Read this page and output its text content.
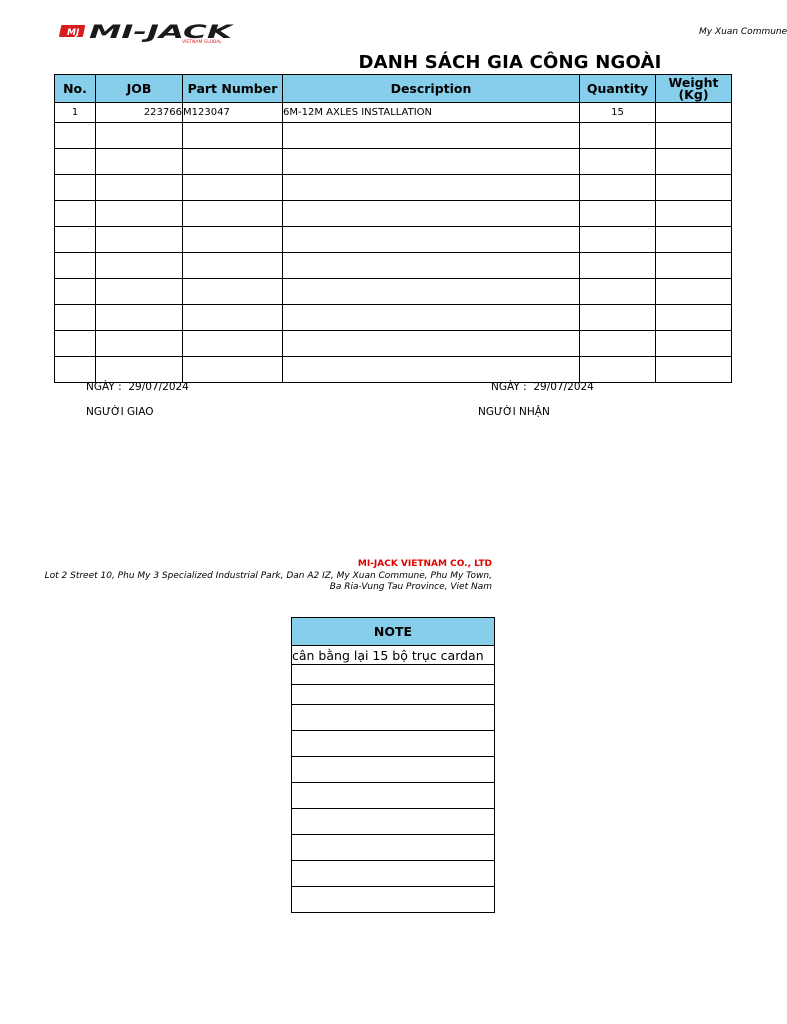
MJ MI-JACK
VIETNAM GLOBAL
My Xuan Commune
DANH SÁCH GIA CÔNG NGOÀI
No.	JOB	Part Number	Description	Quantity	Weight
(Kg)
1	223766	M123047	6M-12M AXLES INSTALLATION	15	

NGÀY : 29/07/2024
NGƯỜI GIAO
NGÀY : 29/07/2024
NGƯỜI NHẬN
MI-JACK VIETNAM CO., LTD
Lot 2 Street 10, Phu My 3 Specialized Industrial Park, Dan A2 IZ, My Xuan Commune, Phu My Town,
Ba Ria-Vung Tau Province, Viet Nam
NOTE
cân bằng lại 15 bộ trục cardan
